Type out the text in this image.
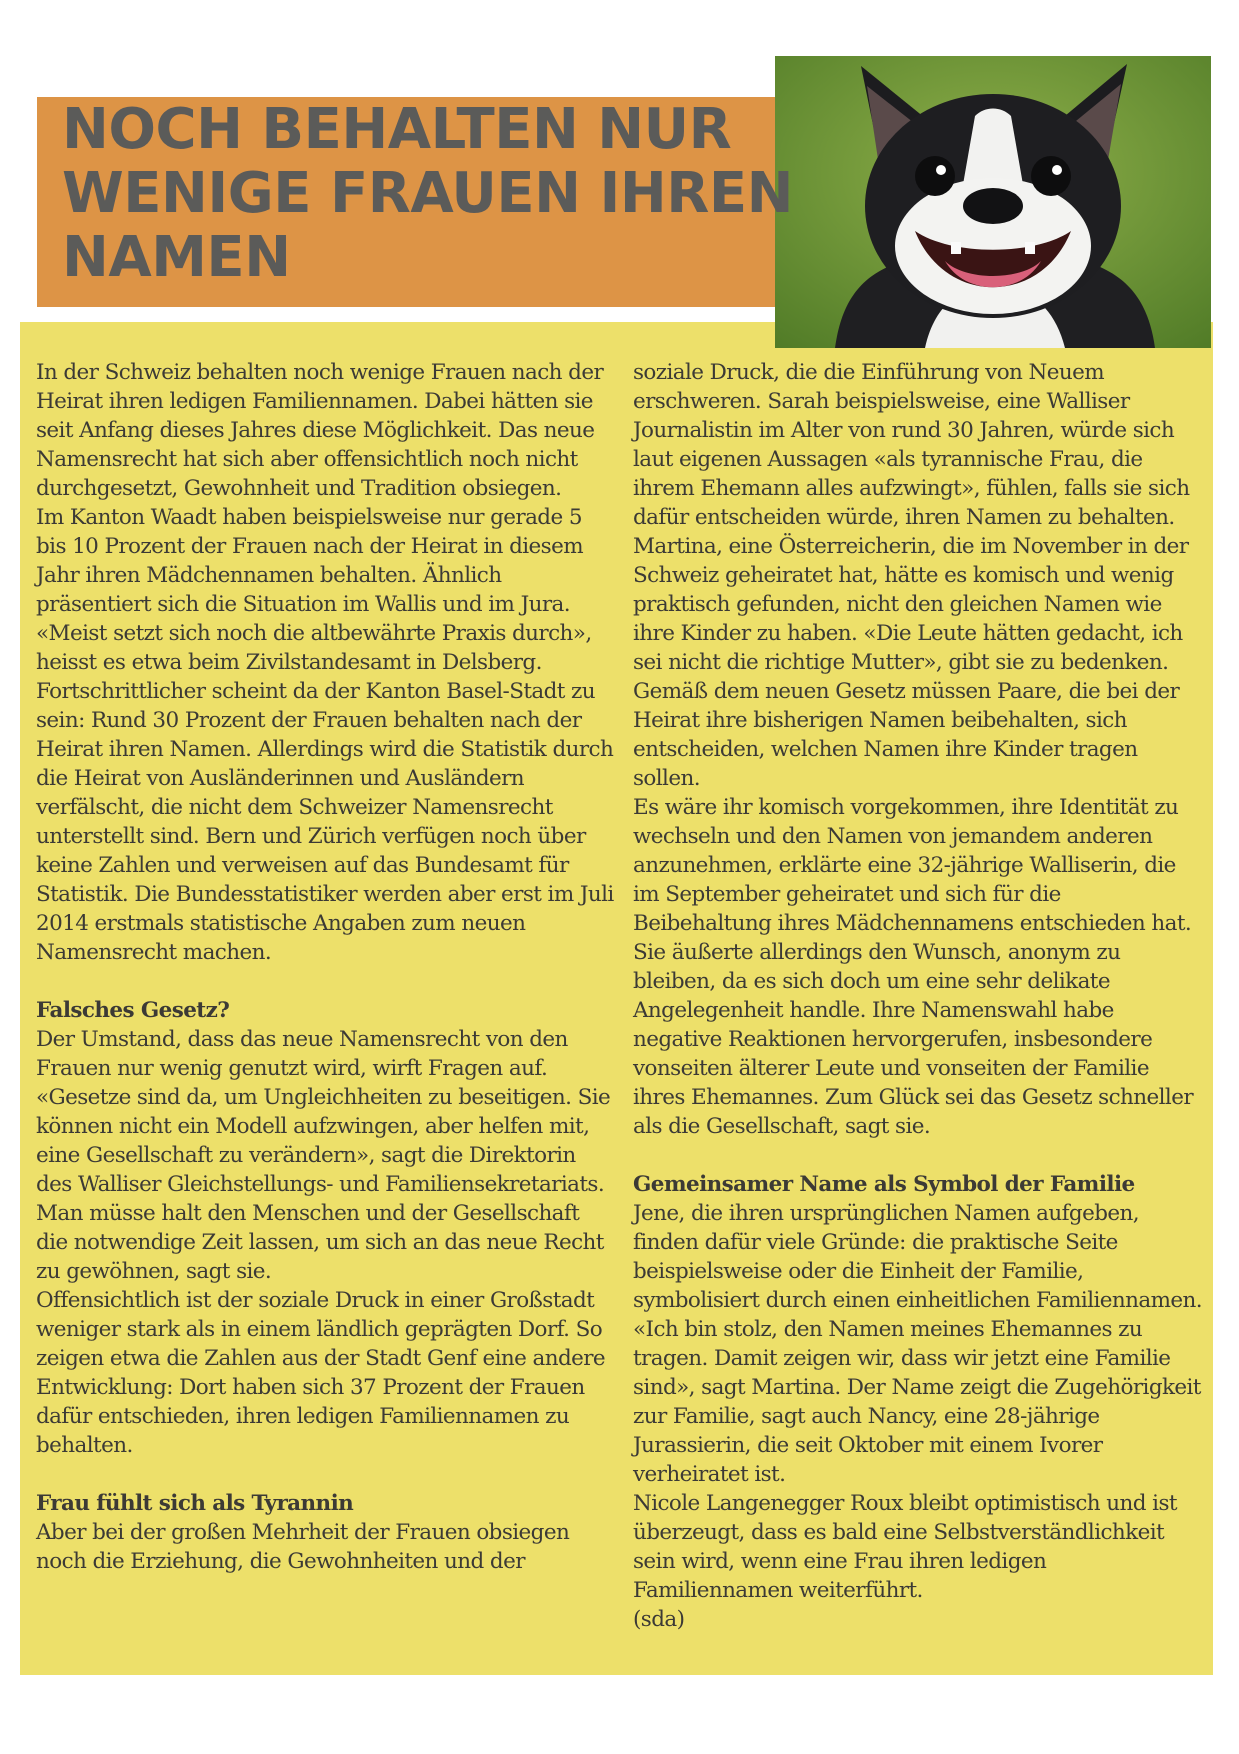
NOCH BEHALTEN NUR WENIGE FRAUEN IHREN NAMEN

In der Schweiz behalten noch wenige Frauen nach der Heirat ihren ledigen Familiennamen. Dabei hätten sie seit Anfang dieses Jahres diese Möglichkeit. Das neue Namensrecht hat sich aber offensichtlich noch nicht durchgesetzt, Gewohnheit und Tradition obsiegen.

Im Kanton Waadt haben beispielsweise nur gerade 5 bis 10 Prozent der Frauen nach der Heirat in diesem Jahr ihren Mädchennamen behalten. Ähnlich präsentiert sich die Situation im Wallis und im Jura. «Meist setzt sich noch die altbewährte Praxis durch», heisst es etwa beim Zivilstandesamt in Delsberg.

Fortschrittlicher scheint da der Kanton Basel-Stadt zu sein: Rund 30 Prozent der Frauen behalten nach der Heirat ihren Namen. Allerdings wird die Statistik durch die Heirat von Ausländerinnen und Ausländern verfälscht, die nicht dem Schweizer Namensrecht unterstellt sind. Bern und Zürich verfügen noch über keine Zahlen und verweisen auf das Bundesamt für Statistik. Die Bundesstatistiker werden aber erst im Juli 2014 erstmals statistische Angaben zum neuen Namensrecht machen.

Falsches Gesetz?

Der Umstand, dass das neue Namensrecht von den Frauen nur wenig genutzt wird, wirft Fragen auf. «Gesetze sind da, um Ungleichheiten zu beseitigen. Sie können nicht ein Modell aufzwingen, aber helfen mit, eine Gesellschaft zu verändern», sagt die Direktorin des Walliser Gleichstellungs- und Familiensekretariats. Man müsse halt den Menschen und der Gesellschaft die notwendige Zeit lassen, um sich an das neue Recht zu gewöhnen, sagt sie.

Offensichtlich ist der soziale Druck in einer Großstadt weniger stark als in einem ländlich geprägten Dorf. So zeigen etwa die Zahlen aus der Stadt Genf eine andere Entwicklung: Dort haben sich 37 Prozent der Frauen dafür entschieden, ihren ledigen Familiennamen zu behalten.

Frau fühlt sich als Tyrannin

Aber bei der großen Mehrheit der Frauen obsiegen noch die Erziehung, die Gewohnheiten und der

soziale Druck, die die Einführung von Neuem erschweren. Sarah beispielsweise, eine Walliser Journalistin im Alter von rund 30 Jahren, würde sich laut eigenen Aussagen «als tyrannische Frau, die ihrem Ehemann alles aufzwingt», fühlen, falls sie sich dafür entscheiden würde, ihren Namen zu behalten.

Martina, eine Österreicherin, die im November in der Schweiz geheiratet hat, hätte es komisch und wenig praktisch gefunden, nicht den gleichen Namen wie ihre Kinder zu haben. «Die Leute hätten gedacht, ich sei nicht die richtige Mutter», gibt sie zu bedenken. Gemäß dem neuen Gesetz müssen Paare, die bei der Heirat ihre bisherigen Namen beibehalten, sich entscheiden, welchen Namen ihre Kinder tragen sollen.

Es wäre ihr komisch vorgekommen, ihre Identität zu wechseln und den Namen von jemandem anderen anzunehmen, erklärte eine 32-jährige Walliserin, die im September geheiratet und sich für die Beibehaltung ihres Mädchennamens entschieden hat. Sie äußerte allerdings den Wunsch, anonym zu bleiben, da es sich doch um eine sehr delikate Angelegenheit handle. Ihre Namenswahl habe negative Reaktionen hervorgerufen, insbesondere vonseiten älterer Leute und vonseiten der Familie ihres Ehemannes. Zum Glück sei das Gesetz schneller als die Gesellschaft, sagt sie.

Gemeinsamer Name als Symbol der Familie

Jene, die ihren ursprünglichen Namen aufgeben, finden dafür viele Gründe: die praktische Seite beispielsweise oder die Einheit der Familie, symbolisiert durch einen einheitlichen Familiennamen. «Ich bin stolz, den Namen meines Ehemannes zu tragen. Damit zeigen wir, dass wir jetzt eine Familie sind», sagt Martina. Der Name zeigt die Zugehörigkeit zur Familie, sagt auch Nancy, eine 28-jährige Jurassierin, die seit Oktober mit einem Ivorer verheiratet ist.

Nicole Langenegger Roux bleibt optimistisch und ist überzeugt, dass es bald eine Selbstverständlichkeit sein wird, wenn eine Frau ihren ledigen Familiennamen weiterführt.

(sda)
